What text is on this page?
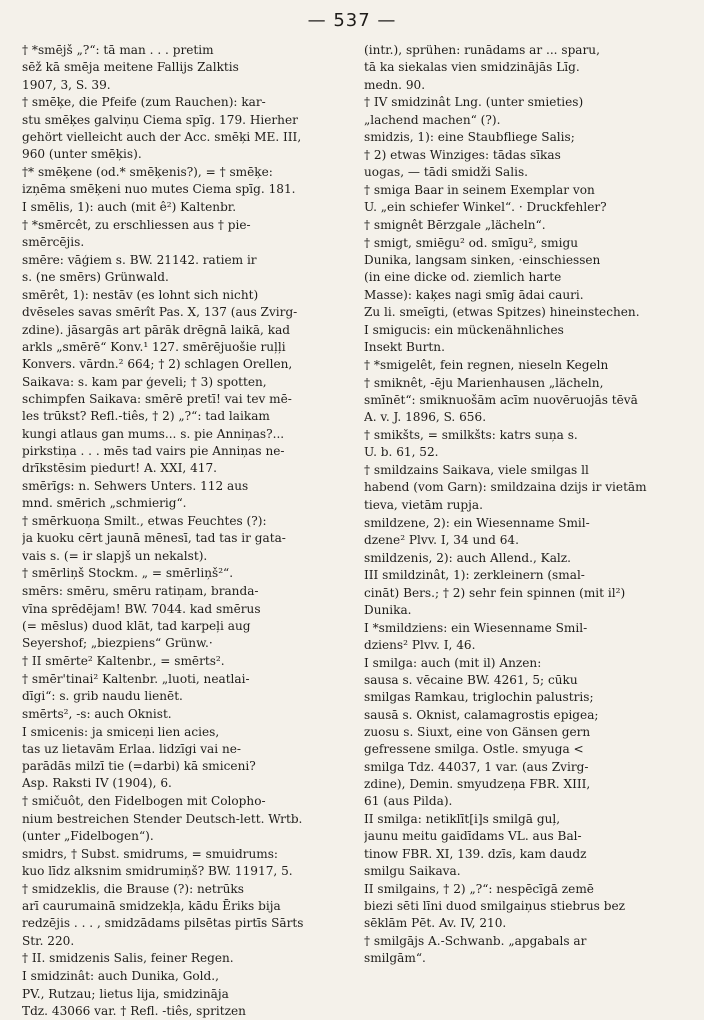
— 537 —
† *smējš „?“: tā man . . . pretim
sēž kā smēja meitene Fallijs Zalktis
1907, 3, S. 39.
† smēķe, die Pfeife (zum Rauchen): kar-
stu smēķes galviņu Ciema spīg. 179. Hierher
gehört vielleicht auch der Acc. smēķi ME. III,
960 (unter smēķis).
†* smēķene (od.* smēķenis?), = † smēķe:
izņēma smēķeni nuo mutes Ciema spīg. 181.
I smēlis, 1): auch (mit ê²) Kaltenbr.
† *smērcêt, zu erschliessen aus † pie-
smērcējis.
smēre: vāģiem s. BW. 21142. ratiem ir
s. (ne smērs) Grünwald.
smērêt, 1): nestāv (es lohnt sich nicht)
dvēseles savas smērît Pas. X, 137 (aus Zvirg-
zdine). jāsargās art pārāk drēgnā laikā, kad
arkls „smērē“ Konv.¹ 127. smērējuošie ruļļi
Konvers. vārdn.² 664; † 2) schlagen Orellen,
Saikava: s. kam par ģeveli; † 3) spotten,
schimpfen Saikava: smērē pretī! vai tev mē-
les trūkst? Refl.-tiês, † 2) „?“: tad laikam
kungi atlaus gan mums... s. pie Anniņas?...
pirkstiņa . . . mēs tad vairs pie Anniņas ne-
drīkstēsim piedurt! A. XXI, 417.
smērīgs: n. Sehwers Unters. 112 aus
mnd. smērich „schmierig“.
† smērkuoņa Smilt., etwas Feuchtes (?):
ja kuoku cērt jaunā mēnesī, tad tas ir gata-
vais s. (= ir slapjš un nekalst).
† smērliņš Stockm. „ = smērliņš²“.
smērs: smēru, smēru ratiņam, branda-
vīna sprēdējam! BW. 7044. kad smērus
(= mēslus) duod klāt, tad karpeļi aug
Seyershof; „biezpiens“ Grünw.·
† II smērte² Kaltenbr., = smērts².
† smēr'tinai² Kaltenbr. „luoti, neatlai-
dīgi“: s. grib naudu lienēt.
smērts², -s: auch Oknist.
I smicenis: ja smiceņi lien acies,
tas uz lietavām Erlaa. lidzīgi vai ne-
parādās milzī tie (=darbi) kā smiceni?
Asp. Raksti IV (1904), 6.
† smičuôt, den Fidelbogen mit Colopho-
nium bestreichen Stender Deutsch-lett. Wrtb.
(unter „Fidelbogen“).
smidrs, † Subst. smidrums, = smuidrums:
kuo līdz alksnim smidrumiņš? BW. 11917, 5.
† smidzeklis, die Brause (?): netrūks
arī caurumainā smidzekļa, kādu Ēriks bija
redzējis . . . , smidzādams pilsētas pirtīs Sārts
Str. 220.
† II. smidzenis Salis, feiner Regen.
I smidzinât: auch Dunika, Gold.,
PV., Rutzau; lietus lija, smidzināja
Tdz. 43066 var. † Refl. -tiês, spritzen
(intr.), sprühen: runādams ar ... sparu,
tā ka siekalas vien smidzinājās Līg.
medn. 90.
† IV smidzinât Lng. (unter smieties)
„lachend machen“ (?).
smidzis, 1): eine Staubfliege Salis;
† 2) etwas Winziges: tādas sīkas
uogas, — tādi smidži Salis.
† smiga Baar in seinem Exemplar von
U. „ein schiefer Winkel“. · Druckfehler?
† smignêt Bērzgale „lächeln“.
† smigt, smiēgu² od. smīgu², smigu
Dunika, langsam sinken, ·einschiessen
(in eine dicke od. ziemlich harte
Masse): kaķes nagi smīg ādai cauri.
Zu li. smeīgti, (etwas Spitzes) hineinstechen.
I smigucis: ein mückenähnliches
Insekt Burtn.
† *smigelêt, fein regnen, nieseln Kegeln
† smiknêt, -ēju Marienhausen „lächeln,
smīnēt“: smiknuošām acīm nuovēruojās tēvā
A. v. J. 1896, S. 656.
† smikšts, = smilkšts: katrs suņa s.
U. b. 61, 52.
† smildzains Saikava, viele smilgas ll
habend (vom Garn): smildzaina dzijs ir vietām
tieva, vietām rupja.
smildzene, 2): ein Wiesenname Smil-
dzene² Plvv. I, 34 und 64.
smildzenis, 2): auch Allend., Kalz.
III smildzinât, 1): zerkleinern (smal-
cināt) Bers.; † 2) sehr fein spinnen (mit il²)
Dunika.
I *smildziens: ein Wiesenname Smil-
dziens² Plvv. I, 46.
I smilga: auch (mit il) Anzen:
sausa s. vēcaine BW. 4261, 5; cūku
smilgas Ramkau, triglochin palustris;
sausā s. Oknist, calamagrostis epigea;
zuosu s. Siuxt, eine von Gänsen gern
gefressene smilga. Ostle. smyuga <
smilga Tdz. 44037, 1 var. (aus Zvirg-
zdine), Demin. smyudzeņa FBR. XIII,
61 (aus Pilda).
II smilga: netiklīt[i]s smilgā guļ,
jaunu meitu gaidīdams VL. aus Bal-
tinow FBR. XI, 139. dzīs, kam daudz
smilgu Saikava.
II smilgains, † 2) „?“: nespēcīgā zemē
biezi sēti līni duod smilgaiņus stiebrus bez
sēklām Pēt. Av. IV, 210.
† smilgājs A.-Schwanb. „apgabals ar
smilgām“.
